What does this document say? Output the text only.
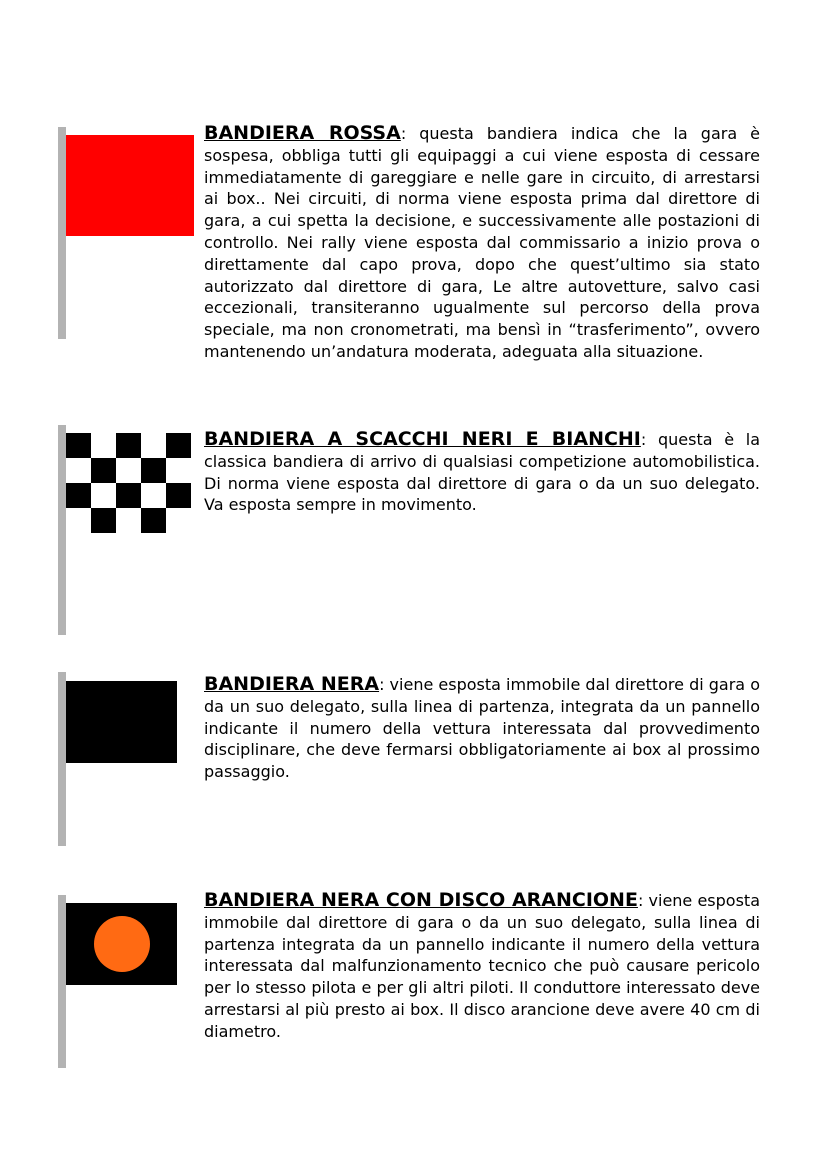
BANDIERA ROSSA: questa bandiera indica che la gara è sospesa, obbliga tutti gli equipaggi a cui viene esposta di cessare immediatamente di gareggiare e nelle gare in circuito, di arrestarsi ai box.. Nei circuiti, di norma viene esposta prima dal direttore di gara, a cui spetta la decisione, e successivamente alle postazioni di controllo. Nei rally viene esposta dal commissario a inizio prova o direttamente dal capo prova, dopo che quest’ultimo sia stato autorizzato dal direttore di gara, Le altre autovetture, salvo casi eccezionali, transiteranno ugualmente sul percorso della prova speciale, ma non cronometrati, ma bensì in “trasferimento”, ovvero mantenendo un’andatura moderata, adeguata alla situazione.

BANDIERA A SCACCHI NERI E BIANCHI: questa è la classica bandiera di arrivo di qualsiasi competizione automobilistica. Di norma viene esposta dal direttore di gara o da un suo delegato. Va esposta sempre in movimento.

BANDIERA NERA: viene esposta immobile dal direttore di gara o da un suo delegato, sulla linea di partenza, integrata da un pannello indicante il numero della vettura interessata dal provvedimento disciplinare, che deve fermarsi obbligatoriamente ai box al prossimo passaggio.

BANDIERA NERA CON DISCO ARANCIONE: viene esposta immobile dal direttore di gara o da un suo delegato, sulla linea di partenza integrata da un pannello indicante il numero della vettura interessata dal malfunzionamento tecnico che può causare pericolo per lo stesso pilota e per gli altri piloti. Il conduttore interessato deve arrestarsi al più presto ai box. Il disco arancione deve avere 40 cm di diametro.
